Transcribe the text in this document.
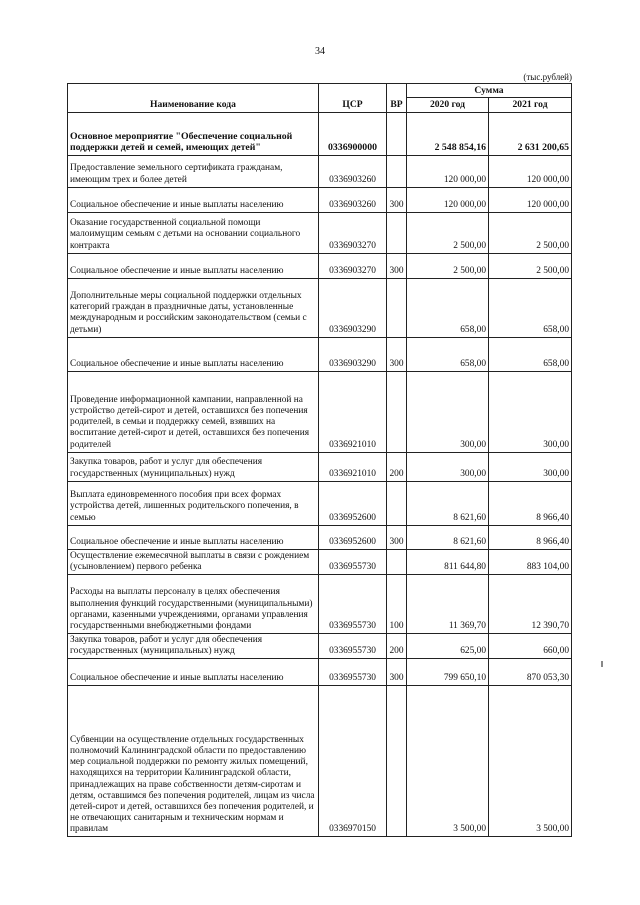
34
(тыс.рублей)
Наименование кода	ЦСР	ВР	Сумма	
			2020 год	2021 год
Основное мероприятие "Обеспечение социальной поддержки детей и семей, имеющих детей"	0336900000		2 548 854,16	2 631 200,65
Предоставление земельного сертификата гражданам, имеющим трех и более детей	0336903260		120 000,00	120 000,00
Социальное обеспечение и иные выплаты населению	0336903260	300	120 000,00	120 000,00
Оказание государственной социальной помощи малоимущим семьям с детьми на основании социального контракта	0336903270		2 500,00	2 500,00
Социальное обеспечение и иные выплаты населению	0336903270	300	2 500,00	2 500,00
Дополнительные меры социальной поддержки отдельных категорий граждан в праздничные даты, установленные международным и российским законодательством (семьи с детьми)	0336903290		658,00	658,00
Социальное обеспечение и иные выплаты населению	0336903290	300	658,00	658,00
Проведение информационной кампании, направленной на устройство детей-сирот и детей, оставшихся без попечения родителей, в семьи и поддержку семей, взявших на воспитание детей-сирот и детей, оставшихся без попечения родителей	0336921010		300,00	300,00
Закупка товаров, работ и услуг для обеспечения государственных (муниципальных) нужд	0336921010	200	300,00	300,00
Выплата единовременного пособия при всех формах устройства детей, лишенных родительского попечения, в семью	0336952600		8 621,60	8 966,40
Социальное обеспечение и иные выплаты населению	0336952600	300	8 621,60	8 966,40
Осуществление ежемесячной выплаты в связи с рождением (усыновлением) первого ребенка	0336955730		811 644,80	883 104,00
Расходы на выплаты персоналу в целях обеспечения выполнения функций государственными (муниципальными) органами, казенными учреждениями, органами управления государственными внебюджетными фондами	0336955730	100	11 369,70	12 390,70
Закупка товаров, работ и услуг для обеспечения государственных (муниципальных) нужд	0336955730	200	625,00	660,00
Социальное обеспечение и иные выплаты населению	0336955730	300	799 650,10	870 053,30
Субвенции на осуществление отдельных государственных полномочий Калининградской области по предоставлению мер социальной поддержки по ремонту жилых помещений, находящихся на территории Калининградской области, принадлежащих на праве собственности детям-сиротам и детям, оставшимся без попечения родителей, лицам из числа детей-сирот и детей, оставшихся без попечения родителей, и не отвечающих санитарным и техническим нормам и правилам	0336970150		3 500,00	3 500,00
